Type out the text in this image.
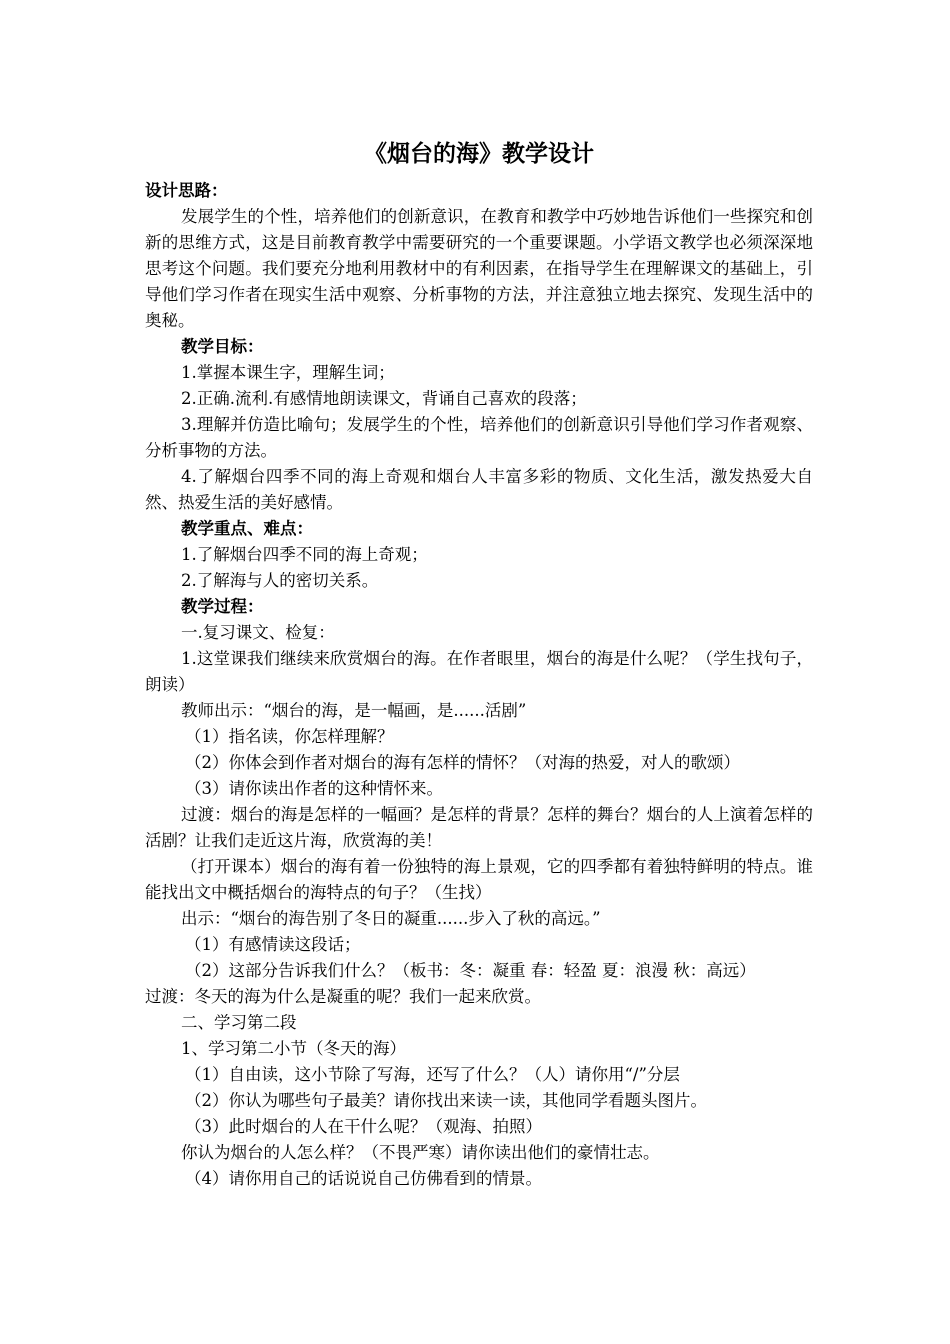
《烟台的海》教学设计
设计思路：
发展学生的个性，培养他们的创新意识，在教育和教学中巧妙地告诉他们一些探究和创新的思维方式，这是目前教育教学中需要研究的一个重要课题。小学语文教学也必须深深地思考这个问题。我们要充分地利用教材中的有利因素，在指导学生在理解课文的基础上，引导他们学习作者在现实生活中观察、分析事物的方法，并注意独立地去探究、发现生活中的奥秘。
教学目标：
1.掌握本课生字，理解生词；
2.正确.流利.有感情地朗读课文，背诵自己喜欢的段落；
3.理解并仿造比喻句；发展学生的个性，培养他们的创新意识引导他们学习作者观察、分析事物的方法。
4.了解烟台四季不同的海上奇观和烟台人丰富多彩的物质、文化生活，激发热爱大自然、热爱生活的美好感情。
教学重点、难点：
1.了解烟台四季不同的海上奇观；
2.了解海与人的密切关系。
教学过程：
一.复习课文、检复：
1.这堂课我们继续来欣赏烟台的海。在作者眼里，烟台的海是什么呢？（学生找句子，朗读）
教师出示：“烟台的海，是一幅画，是......活剧”
（1）指名读，你怎样理解？
（2）你体会到作者对烟台的海有怎样的情怀？（对海的热爱，对人的歌颂）
（3）请你读出作者的这种情怀来。
过渡：烟台的海是怎样的一幅画？是怎样的背景？怎样的舞台？烟台的人上演着怎样的活剧？让我们走近这片海，欣赏海的美！
（打开课本）烟台的海有着一份独特的海上景观，它的四季都有着独特鲜明的特点。谁能找出文中概括烟台的海特点的句子？（生找）
出示：“烟台的海告别了冬日的凝重......步入了秋的高远。”
（1）有感情读这段话；
（2）这部分告诉我们什么？（板书：冬：凝重 春：轻盈 夏：浪漫 秋：高远）
过渡：冬天的海为什么是凝重的呢？我们一起来欣赏。
二、学习第二段
1、学习第二小节（冬天的海）
（1）自由读，这小节除了写海，还写了什么？（人）请你用“/”分层
（2）你认为哪些句子最美？请你找出来读一读，其他同学看题头图片。
（3）此时烟台的人在干什么呢？（观海、拍照）
你认为烟台的人怎么样？（不畏严寒）请你读出他们的豪情壮志。
（4）请你用自己的话说说自己仿佛看到的情景。
